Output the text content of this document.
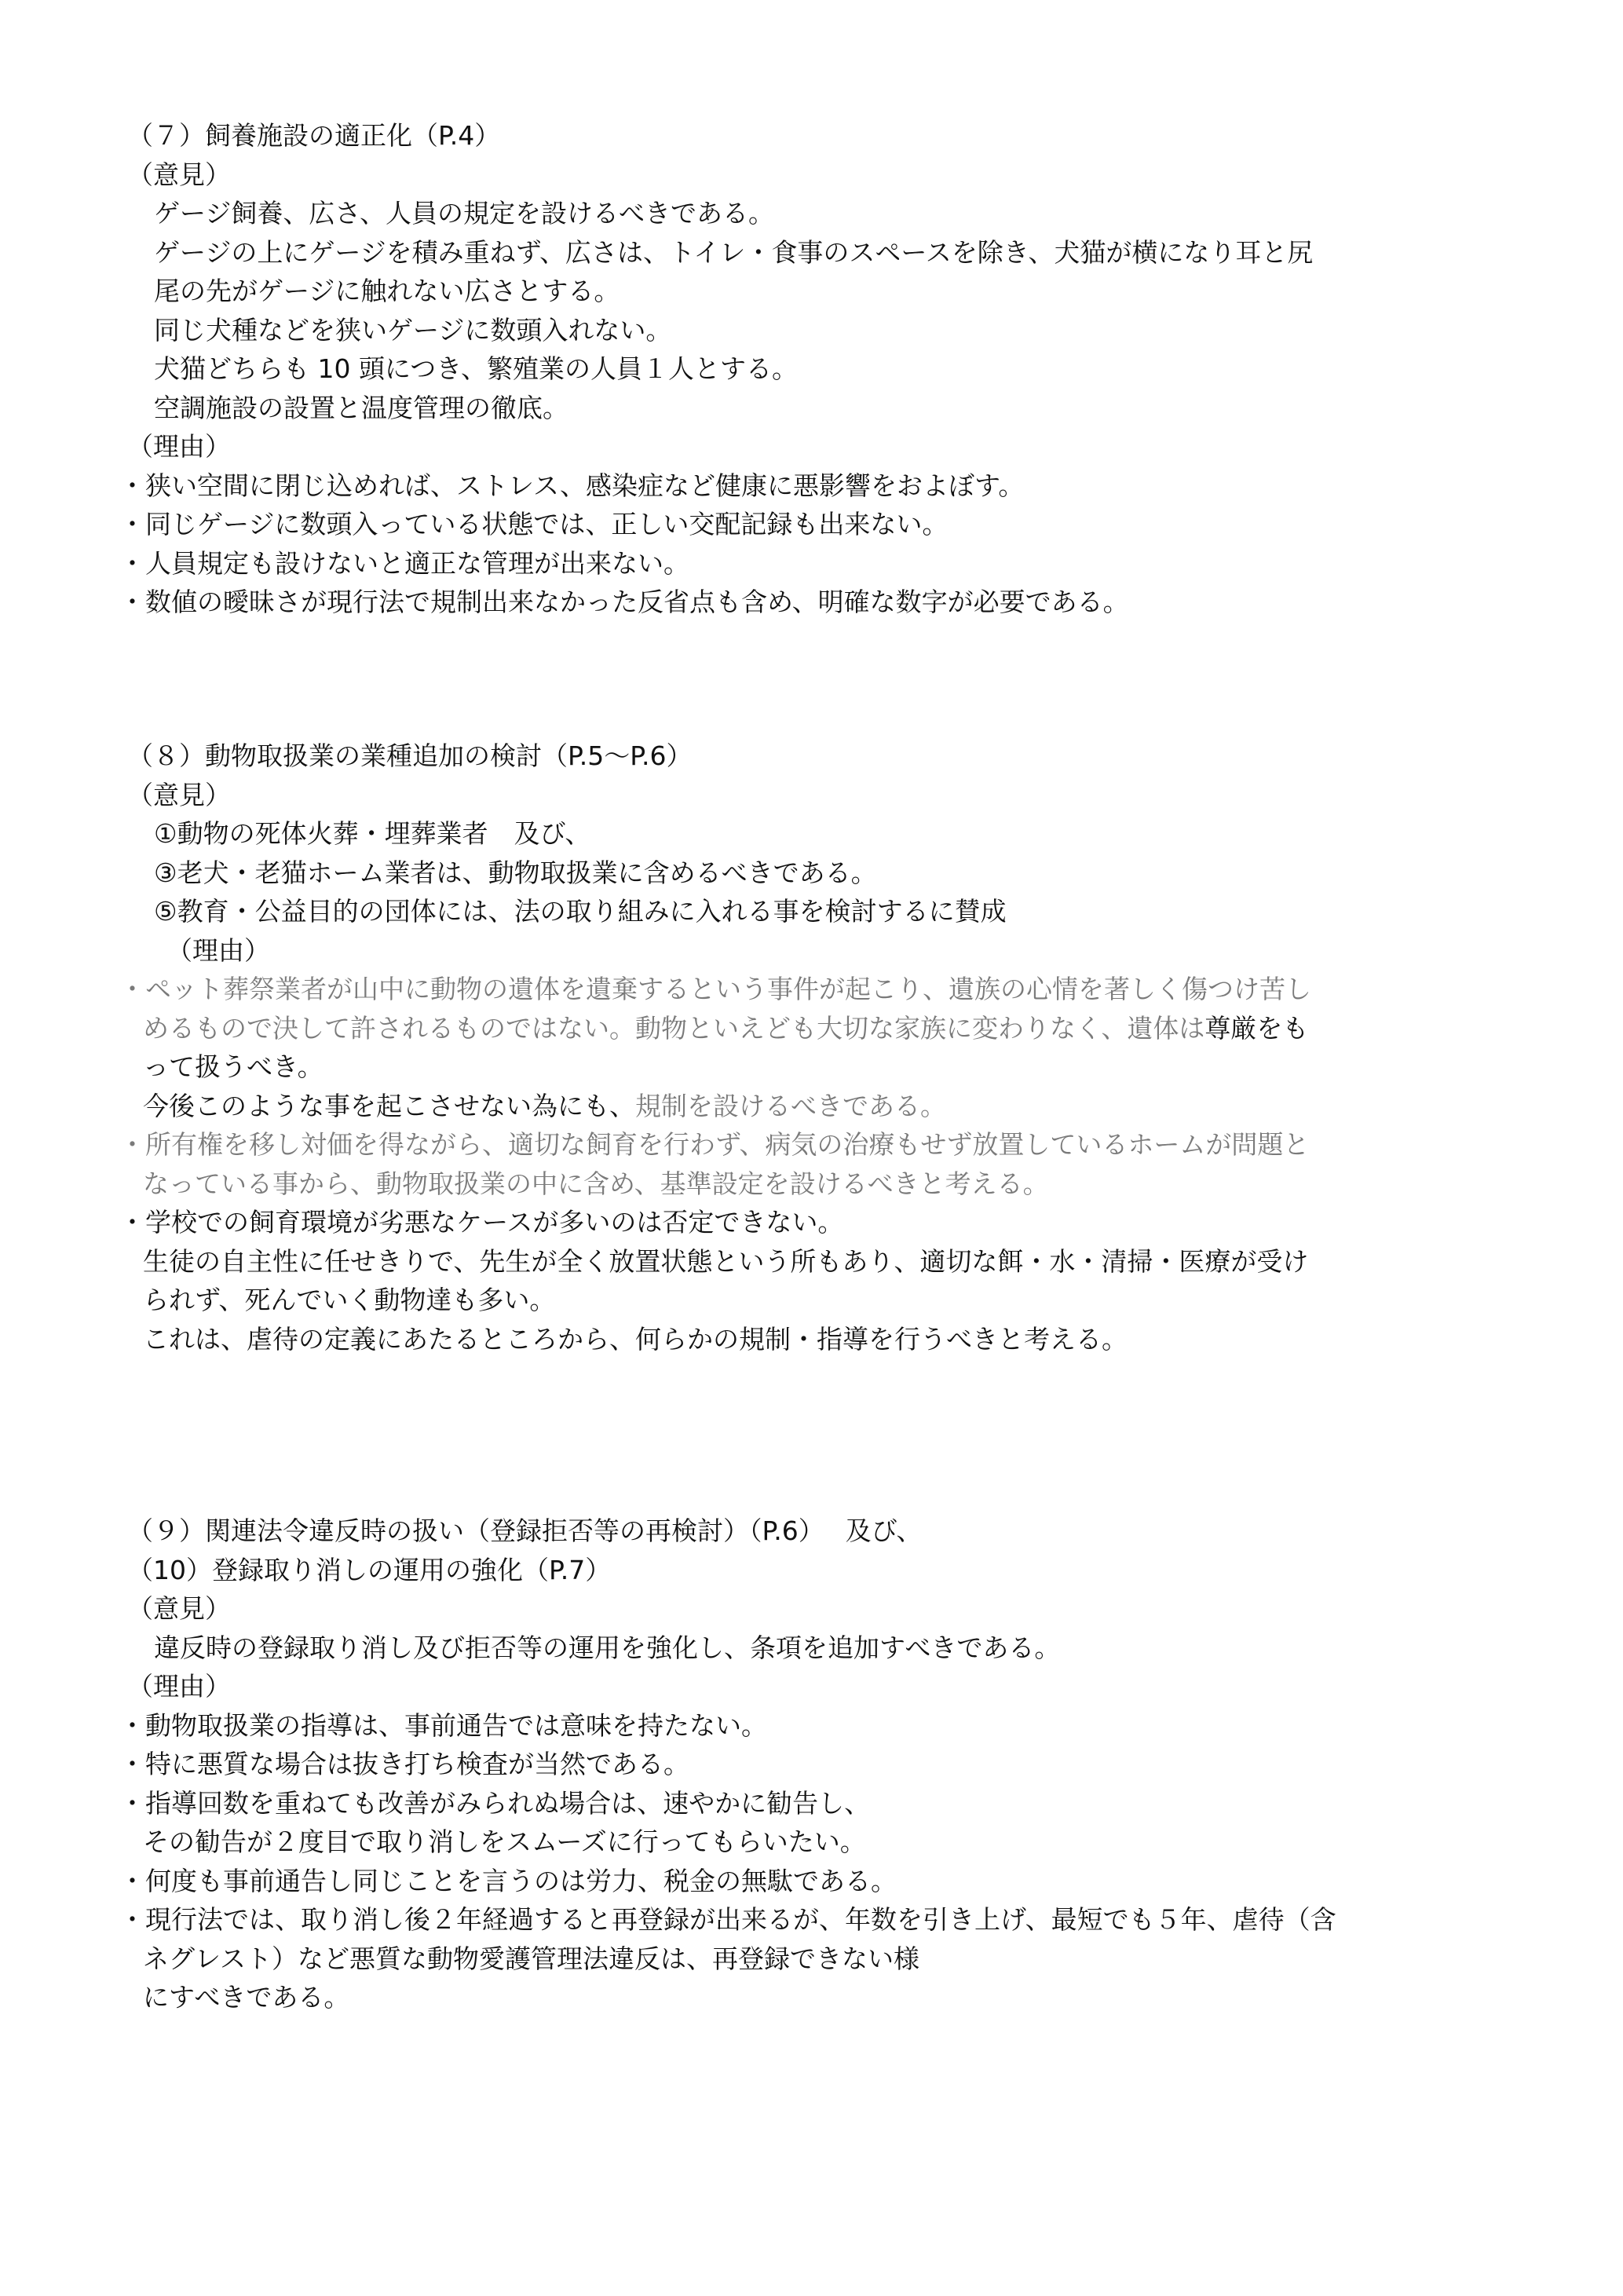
（７）飼養施設の適正化（P.4）
（意見）
ゲージ飼養、広さ、人員の規定を設けるべきである。
ゲージの上にゲージを積み重ねず、広さは、トイレ・食事のスペースを除き、犬猫が横になり耳と尻
尾の先がゲージに触れない広さとする。
同じ犬種などを狭いゲージに数頭入れない。
犬猫どちらも 10 頭につき、繁殖業の人員１人とする。
空調施設の設置と温度管理の徹底。
（理由）
・狭い空間に閉じ込めれば、ストレス、感染症など健康に悪影響をおよぼす。
・同じゲージに数頭入っている状態では、正しい交配記録も出来ない。
・人員規定も設けないと適正な管理が出来ない。
・数値の曖昧さが現行法で規制出来なかった反省点も含め、明確な数字が必要である。
（８）動物取扱業の業種追加の検討（P.5〜P.6）
（意見）
①動物の死体火葬・埋葬業者　及び、
③老犬・老猫ホーム業者は、動物取扱業に含めるべきである。
⑤教育・公益目的の団体には、法の取り組みに入れる事を検討するに賛成
（理由）
・ペット葬祭業者が山中に動物の遺体を遺棄するという事件が起こり、遺族の心情を著しく傷つけ苦し
めるもので決して許されるものではない。動物といえども大切な家族に変わりなく、遺体は尊厳をも
って扱うべき。
今後このような事を起こさせない為にも、規制を設けるべきである。
・所有権を移し対価を得ながら、適切な飼育を行わず、病気の治療もせず放置しているホームが問題と
なっている事から、動物取扱業の中に含め、基準設定を設けるべきと考える。
・学校での飼育環境が劣悪なケースが多いのは否定できない。
生徒の自主性に任せきりで、先生が全く放置状態という所もあり、適切な餌・水・清掃・医療が受け
られず、死んでいく動物達も多い。
これは、虐待の定義にあたるところから、何らかの規制・指導を行うべきと考える。
（９）関連法令違反時の扱い（登録拒否等の再検討）（P.6）　 及び、
（10）登録取り消しの運用の強化（P.7）
（意見）
違反時の登録取り消し及び拒否等の運用を強化し、条項を追加すべきである。
（理由）
・動物取扱業の指導は、事前通告では意味を持たない。
・特に悪質な場合は抜き打ち検査が当然である。
・指導回数を重ねても改善がみられぬ場合は、速やかに勧告し、
その勧告が２度目で取り消しをスムーズに行ってもらいたい。
・何度も事前通告し同じことを言うのは労力、税金の無駄である。
・現行法では、取り消し後２年経過すると再登録が出来るが、年数を引き上げ、最短でも５年、虐待（含
ネグレスト）など悪質な動物愛護管理法違反は、再登録できない様
にすべきである。
